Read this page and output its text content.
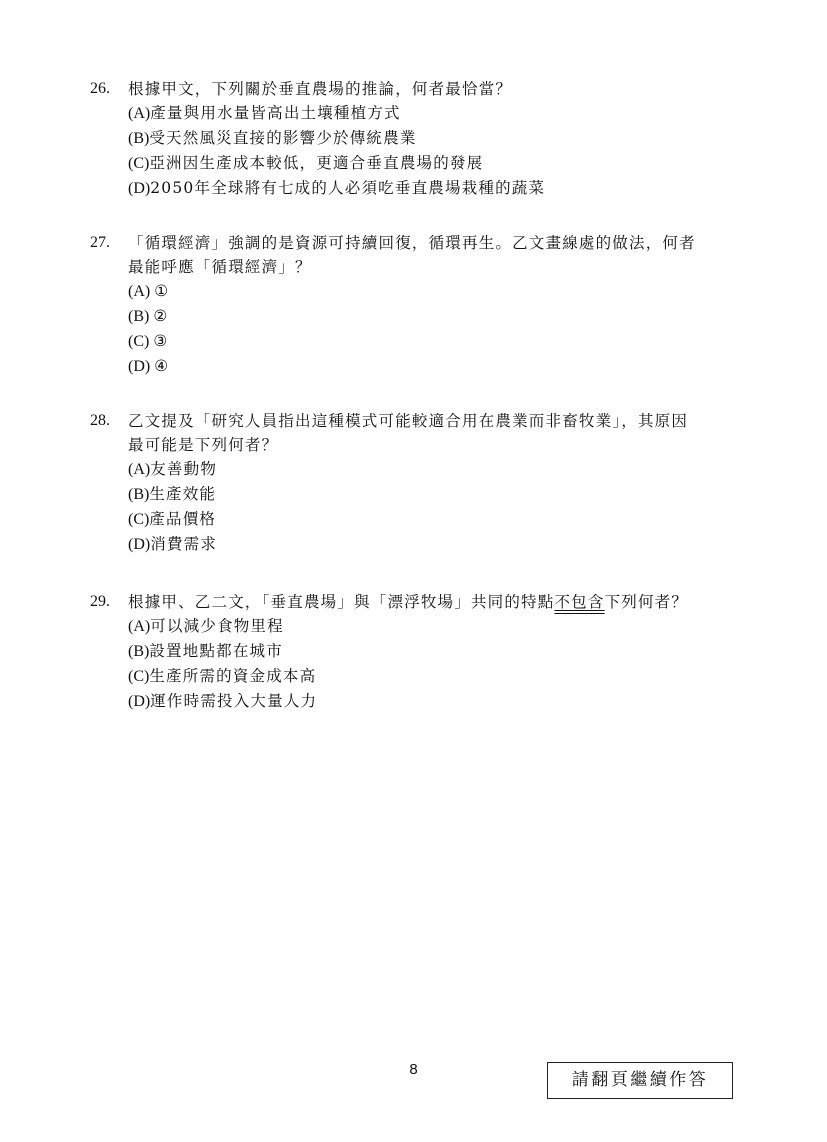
26.	根據甲文，下列關於垂直農場的推論，何者最恰當？
(A)產量與用水量皆高出土壤種植方式
(B)受天然風災直接的影響少於傳統農業
(C)亞洲因生產成本較低，更適合垂直農場的發展
(D)2050年全球將有七成的人必須吃垂直農場栽種的蔬菜
27.	「循環經濟」強調的是資源可持續回復，循環再生。乙文畫線處的做法，何者
最能呼應「循環經濟」？
(A) ①
(B) ②
(C) ③
(D) ④
28.	乙文提及「研究人員指出這種模式可能較適合用在農業而非畜牧業」，其原因
最可能是下列何者？
(A)友善動物
(B)生產效能
(C)產品價格
(D)消費需求
29.	根據甲、乙二文，「垂直農場」與「漂浮牧場」共同的特點不包含下列何者？
(A)可以減少食物里程
(B)設置地點都在城市
(C)生產所需的資金成本高
(D)運作時需投入大量人力
8
請翻頁繼續作答
